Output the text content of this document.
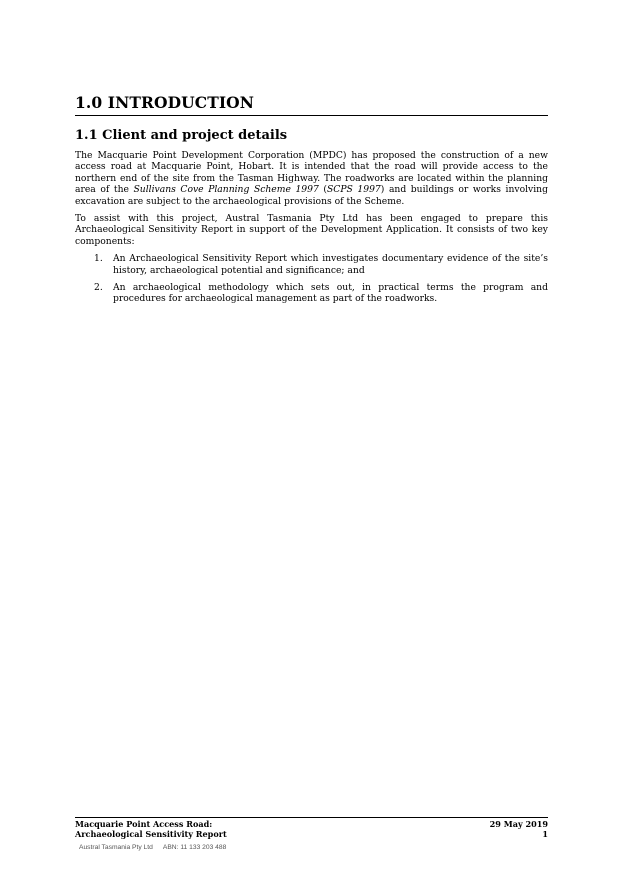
1.0 INTRODUCTION
1.1 Client and project details

The Macquarie Point Development Corporation (MPDC) has proposed the construction of a new access road at Macquarie Point, Hobart. It is intended that the road will provide access to the northern end of the site from the Tasman Highway. The roadworks are located within the planning area of the Sullivans Cove Planning Scheme 1997 (SCPS 1997) and buildings or works involving excavation are subject to the archaeological provisions of the Scheme.

To assist with this project, Austral Tasmania Pty Ltd has been engaged to prepare this Archaeological Sensitivity Report in support of the Development Application. It consists of two key components:

1. An Archaeological Sensitivity Report which investigates documentary evidence of the site’s history, archaeological potential and significance; and
2. An archaeological methodology which sets out, in practical terms the program and procedures for archaeological management as part of the roadworks.
Macquarie Point Access Road:	29 May 2019
Archaeological Sensitivity Report	1
Austral Tasmania Pty Ltd ABN: 11 133 203 488
